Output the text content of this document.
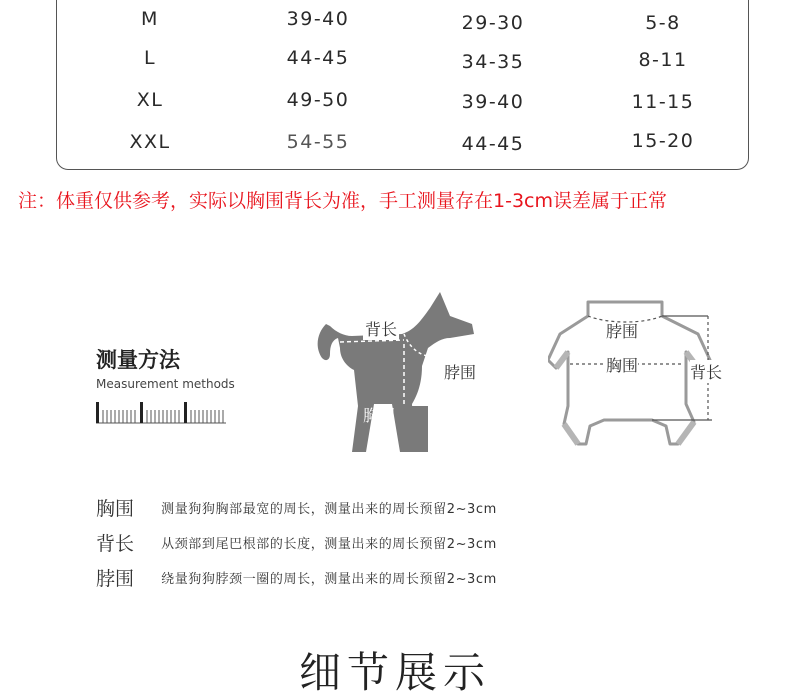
M	39-40	29-30	5-8
L	44-45	34-35	8-11
XL	49-50	39-40	11-15
XXL	54-55	44-45	15-20
注：体重仅供参考，实际以胸围背长为准，手工测量存在1-3cm误差属于正常
测量方法
Measurement methods
背长
脖围
胸围
脖围
胸围	背长
胸围 测量狗狗胸部最宽的周长，测量出来的周长预留2~3cm
背长 从颈部到尾巴根部的长度，测量出来的周长预留2~3cm
脖围 绕量狗狗脖颈一圈的周长，测量出来的周长预留2~3cm
细节展示
